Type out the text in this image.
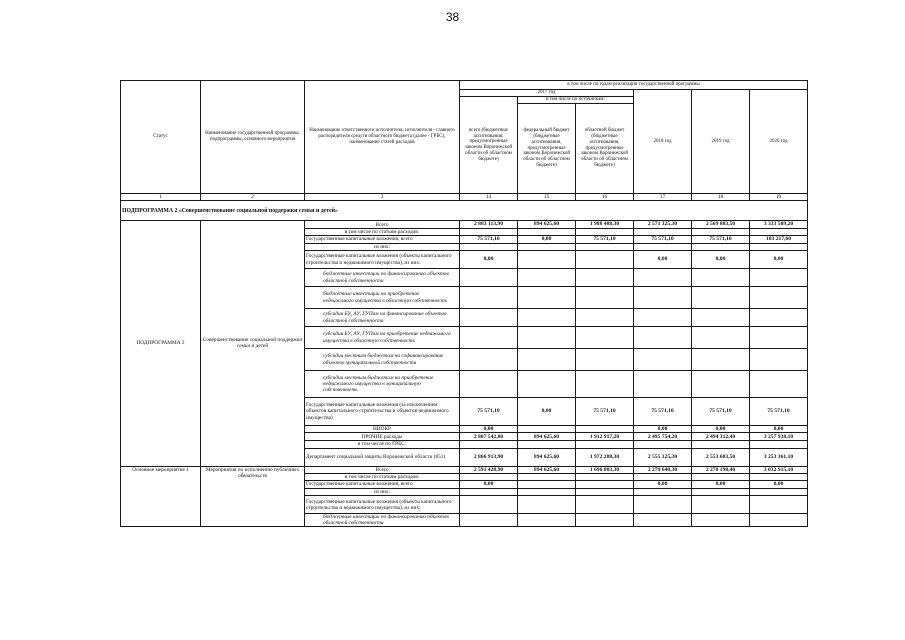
38
Статус	Наименование государственной программы, подпрограммы, основного мероприятия	Наименование ответственного исполнителя, исполнителя - главного распорядителя средств областного бюджета (далее - ГРБС), наименование статей расходов	в том числе по годам реализации государственной программы					
			2017 год			2018 год	2019 год	2020 год
			всего (бюджетные ассигнования, предусмотренные законом Воронежской области об областном бюджете)	в том числе по источникам:				
				федеральный бюджет (бюджетные ассигнования, предусмотренные законом Воронежской области об областном бюджете)	областной бюджет (бюджетные ассигнования, предусмотренные законом Воронежской области об областном бюджете)			
1	2	3	14	15	16	17	18	19
ПОДПРОГРАММА 2 «Совершенствование социальной поддержки семьи и детей»								
ПОДПРОГРАММА 2	Совершенствование социальной поддержки семьи и детей	Всего	2 883 113,90	894 625,60	1 988 488,30	2 571 325,30	2 569 883,50	3 333 509,20
		в том числе по статьям расходов:						
		Государственные капитальные вложения, всего	75 571,10	0,00	75 571,10	75 571,10	75 571,10	103 217,60
		из них:						
		Государственные капитальные вложения (объекты капитального строительства и недвижимого имущества), из них:	0,00			0,00	0,00	0,00
		бюджетные инвестиции по финансированию объектов областной собственности						
		бюджетные инвестиции на приобретение недвижимого имущества в областную собственность						
		субсидии БУ, АУ, ГУПам на финансирование объектов областной собственности						
		субсидии БУ, АУ, ГУПам на приобретение недвижимого имущества в областную собственность						
		субсидии местным бюджетам на софинансирование объектов муниципальной собственности						
		субсидии местным бюджетам на приобретение недвижимого имущества в муниципальную собственность						
		Государственные капитальные вложения (за исключением объектов капитального строительства и объектов недвижимого имущества)	75 571,10	0,00	75 571,10	75 571,10	75 571,10	75 571,10
		НИОКР	0,00			0,00	0,00	0,00
		ПРОЧИЕ расходы	2 807 542,80	894 625,60	1 912 917,20	2 495 754,20	2 494 312,40	3 257 938,10
		в том числе по ГРБС:						
		Департамент социальной защиты Воронежской области (851)	2 866 913,90	894 625,60	1 972 288,30	2 555 125,30	2 553 683,50	3 253 361,10
Основное мероприятие 1	Мероприятия по исполнению публичных обязательств	Всего	2 591 428,90	894 625,60	1 696 803,30	2 279 640,30	2 278 198,40	3 032 915,10
		в том числе по статьям расходов:						
		Государственные капитальные вложения, всего	0,00			0,00	0,00	0,00
		из них:						
		Государственные капитальные вложения (объекты капитального строительства и недвижимого имущества), из них:						
		бюджетные инвестиции по финансированию объектов областной собственности						
